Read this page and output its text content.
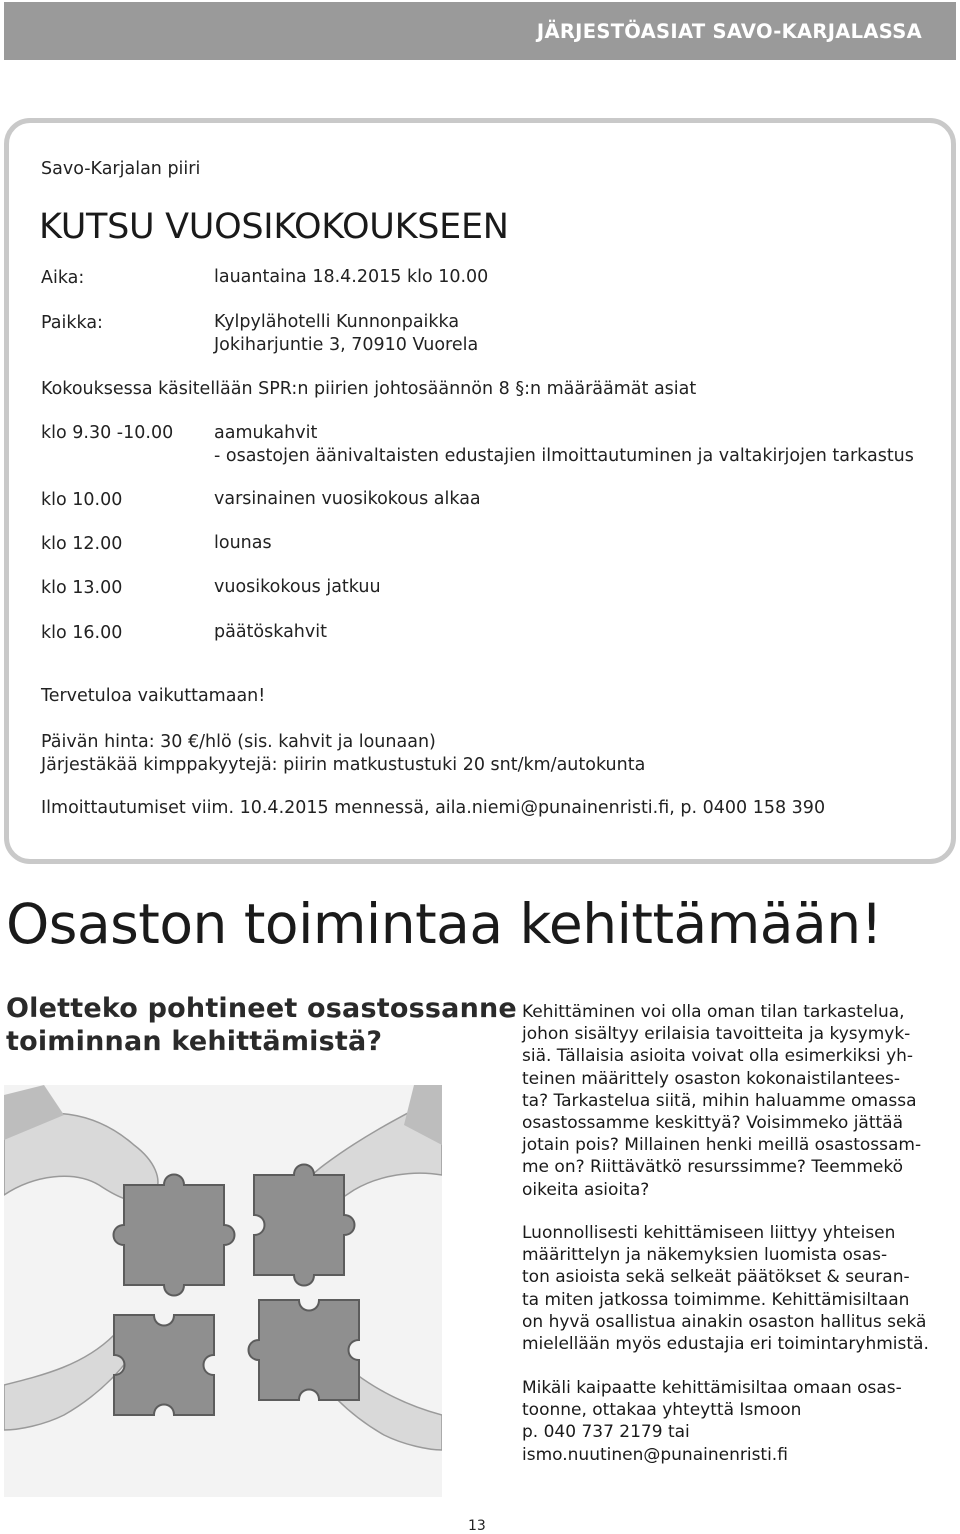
JÄRJESTÖASIAT SAVO-KARJALASSA
Savo-Karjalan piiri
KUTSU VUOSIKOKOUKSEEN
Aika:	lauantaina 18.4.2015 klo 10.00
Paikka:	Kylpylähotelli Kunnonpaikka
Jokiharjuntie 3, 70910 Vuorela
Kokouksessa käsitellään SPR:n piirien johtosäännön 8 §:n määräämät asiat
klo 9.30 -10.00 aamukahvit
- osastojen äänivaltaisten edustajien ilmoittautuminen ja valtakirjojen tarkastus
klo 10.00	varsinainen vuosikokous alkaa
klo 12.00	lounas
klo 13.00	vuosikokous jatkuu
klo 16.00	päätöskahvit
Tervetuloa vaikuttamaan!
Päivän hinta: 30 €/hlö (sis. kahvit ja lounaan)
Järjestäkää kimppakyytejä: piirin matkustustuki 20 snt/km/autokunta
Ilmoittautumiset viim. 10.4.2015 mennessä, aila.niemi@punainenristi.fi, p. 0400 158 390
Osaston toimintaa kehittämään!
Oletteko pohtineet osastossanne
toiminnan kehittämistä?
Kehittäminen voi olla oman tilan tarkastelua,
johon sisältyy erilaisia tavoitteita ja kysymyk-
siä. Tällaisia asioita voivat olla esimerkiksi yh-
teinen määrittely osaston kokonaistilantees-
ta? Tarkastelua siitä, mihin haluamme omassa
osastossamme keskittyä? Voisimmeko jättää
jotain pois? Millainen henki meillä osastossam-
me on? Riittävätkö resurssimme? Teemmekö
oikeita asioita?
Luonnollisesti kehittämiseen liittyy yhteisen
määrittelyn ja näkemyksien luomista osas-
ton asioista sekä selkeät päätökset & seuran-
ta miten jatkossa toimimme. Kehittämisiltaan
on hyvä osallistua ainakin osaston hallitus sekä
mielellään myös edustajia eri toimintaryhmistä.
Mikäli kaipaatte kehittämisiltaa omaan osas-
toonne, ottakaa yhteyttä Ismoon
p. 040 737 2179 tai
ismo.nuutinen@punainenristi.fi
13
